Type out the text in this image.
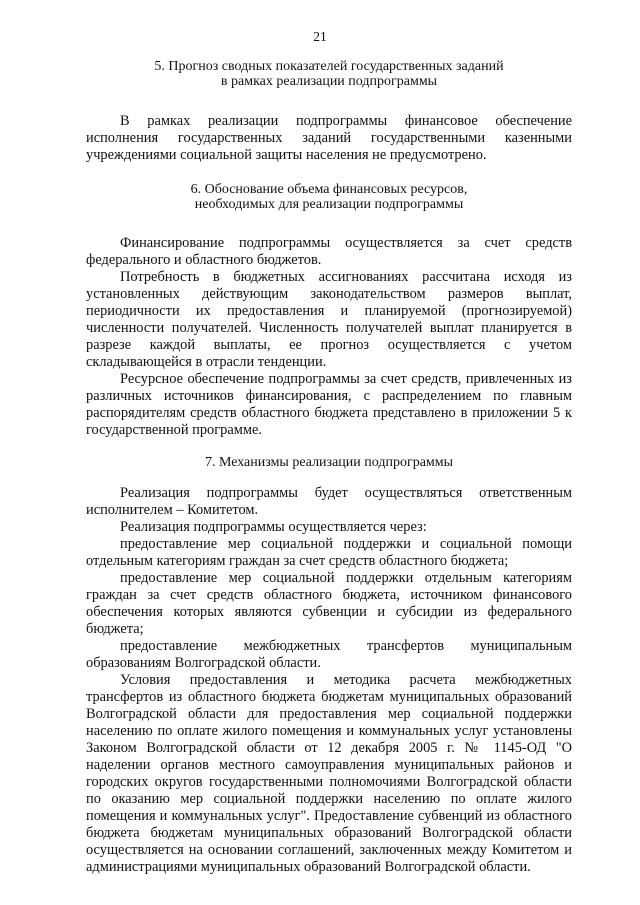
21
5. Прогноз сводных показателей государственных заданий
в рамках реализации подпрограммы

В рамках реализации подпрограммы финансовое обеспечение исполнения государственных заданий государственными казенными учреждениями социальной защиты населения не предусмотрено.

6. Обоснование объема финансовых ресурсов,
необходимых для реализации подпрограммы

Финансирование подпрограммы осуществляется за счет средств федерального и областного бюджетов.

Потребность в бюджетных ассигнованиях рассчитана исходя из установленных действующим законодательством размеров выплат, периодичности их предоставления и планируемой (прогнозируемой) численности получателей. Численность получателей выплат планируется в разрезе каждой выплаты, ее прогноз осуществляется с учетом складывающейся в отрасли тенденции.

Ресурсное обеспечение подпрограммы за счет средств, привлеченных из различных источников финансирования, с распределением по главным распорядителям средств областного бюджета представлено в приложении 5 к государственной программе.

7. Механизмы реализации подпрограммы

Реализация подпрограммы будет осуществляться ответственным исполнителем – Комитетом.

Реализация подпрограммы осуществляется через:

предоставление мер социальной поддержки и социальной помощи отдельным категориям граждан за счет средств областного бюджета;

предоставление мер социальной поддержки отдельным категориям граждан за счет средств областного бюджета, источником финансового обеспечения которых являются субвенции и субсидии из федерального бюджета;

предоставление межбюджетных трансфертов муниципальным образованиям Волгоградской области.

Условия предоставления и методика расчета межбюджетных трансфертов из областного бюджета бюджетам муниципальных образований Волгоградской области для предоставления мер социальной поддержки населению по оплате жилого помещения и коммунальных услуг установлены Законом Волгоградской области от 12 декабря 2005 г. № 1145-ОД "О наделении органов местного самоуправления муниципальных районов и городских округов государственными полномочиями Волгоградской области по оказанию мер социальной поддержки населению по оплате жилого помещения и коммунальных услуг". Предоставление субвенций из областного бюджета бюджетам муниципальных образований Волгоградской области осуществляется на основании соглашений, заключенных между Комитетом и администрациями муниципальных образований Волгоградской области.
